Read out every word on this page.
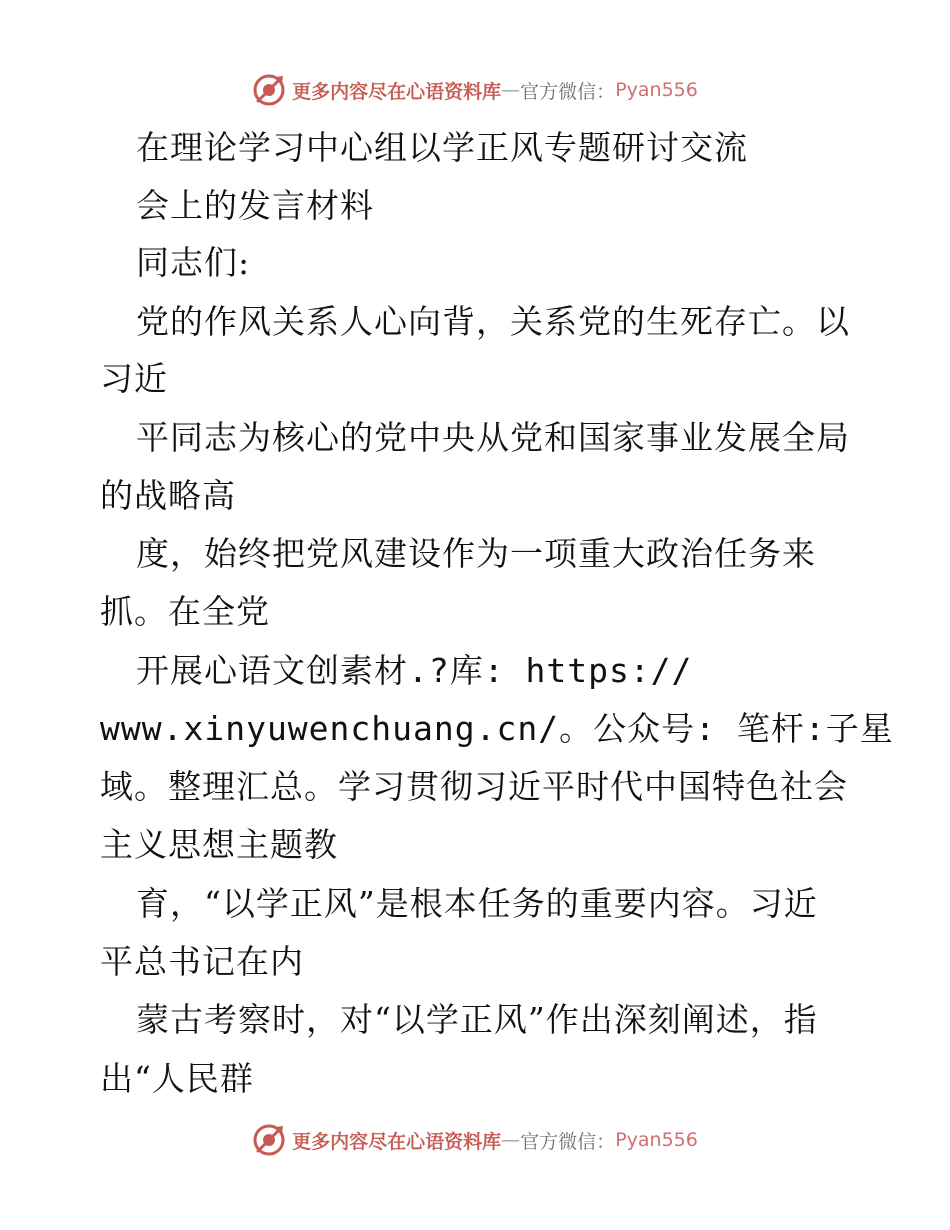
更多内容尽在心语资料库 — 官方微信： Pyan556
在理论学习中心组以学正风专题研讨交流
会上的发言材料
同志们:
党的作风关系人心向背，关系党的生死存亡。以
习近
平同志为核心的党中央从党和国家事业发展全局
的战略高
度，始终把党风建设作为一项重大政治任务来
抓。在全党
开展心语文创素材.?库: https://
www.xinyuwenchuang.cn/。公众号: 笔杆:子星
域。整理汇总。学习贯彻习近平时代中国特色社会
主义思想主题教
育，“以学正风”是根本任务的重要内容。习近
平总书记在内
蒙古考察时，对“以学正风”作出深刻阐述，指
出“人民群
更多内容尽在心语资料库 — 官方微信： Pyan556
